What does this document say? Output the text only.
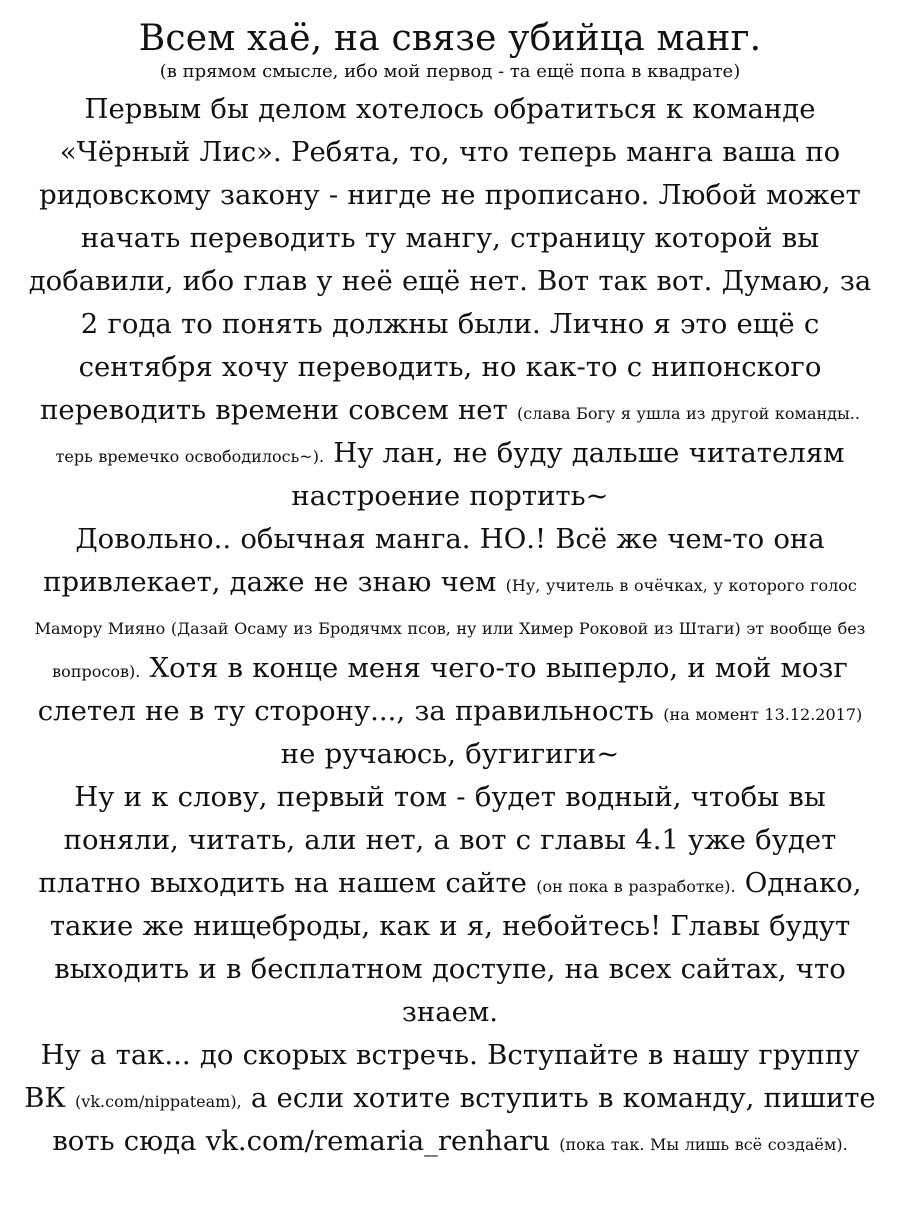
Всем хаё, на связе убийца манг.
(в прямом смысле, ибо мой первод - та ещё попа в квадрате)

Первым бы делом хотелось обратиться к команде «Чёрный Лис». Ребята, то, что теперь манга ваша по ридовскому закону - нигде не прописано. Любой может начать переводить ту мангу, страницу которой вы добавили, ибо глав у неё ещё нет. Вот так вот. Думаю, за 2 года то понять должны были. Лично я это ещё с сентября хочу переводить, но как-то с нипонского переводить времени совсем нет (слава Богу я ушла из другой команды.. терь времечко освободилось~). Ну лан, не буду дальше читателям настроение портить~

Довольно.. обычная манга. НО.! Всё же чем-то она привлекает, даже не знаю чем (Ну, учитель в очёчках, у которого голос Мамору Мияно (Дазай Осаму из Бродячмх псов, ну или Химер Роковой из Штаги) эт вообще без вопросов). Хотя в конце меня чего-то выперло, и мой мозг слетел не в ту сторону..., за правильность (на момент 13.12.2017) не ручаюсь, бугигиги~

Ну и к слову, первый том - будет водный, чтобы вы поняли, читать, али нет, а вот с главы 4.1 уже будет платно выходить на нашем сайте (он пока в разработке). Однако, такие же нищеброды, как и я, небойтесь! Главы будут выходить и в бесплатном доступе, на всех сайтах, что знаем.

Ну а так... до скорых встречь. Вступайте в нашу группу ВК (vk.com/nippateam), а если хотите вступить в команду, пишите воть сюда vk.com/remaria_renharu (пока так. Мы лишь всё создаём).
